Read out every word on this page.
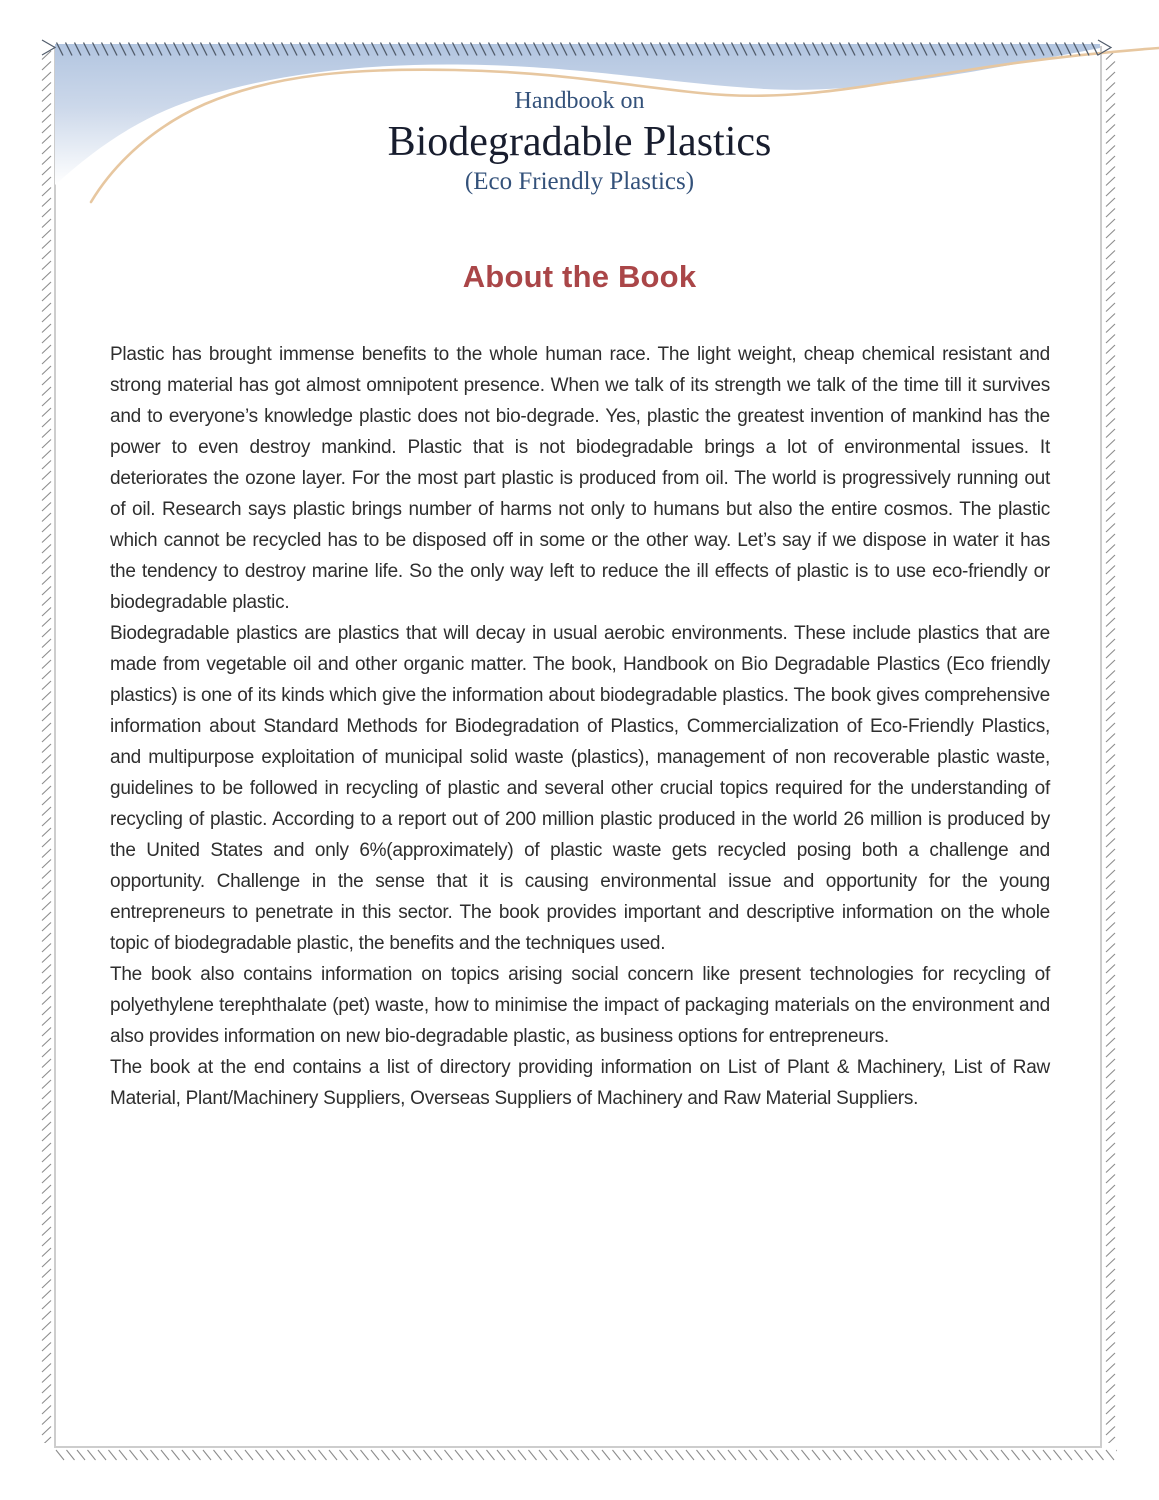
Handbook on
Biodegradable Plastics
(Eco Friendly Plastics)
About the Book

Plastic has brought immense benefits to the whole human race. The light weight, cheap chemical resistant and strong material has got almost omnipotent presence. When we talk of its strength we talk of the time till it survives and to everyone’s knowledge plastic does not bio-degrade. Yes, plastic the greatest invention of mankind has the power to even destroy mankind. Plastic that is not biodegradable brings a lot of environmental issues. It deteriorates the ozone layer. For the most part plastic is produced from oil. The world is progressively running out of oil. Research says plastic brings number of harms not only to humans but also the entire cosmos. The plastic which cannot be recycled has to be disposed off in some or the other way. Let’s say if we dispose in water it has the tendency to destroy marine life. So the only way left to reduce the ill effects of plastic is to use eco-friendly or biodegradable plastic.

Biodegradable plastics are plastics that will decay in usual aerobic environments. These include plastics that are made from vegetable oil and other organic matter. The book, Handbook on Bio Degradable Plastics (Eco friendly plastics) is one of its kinds which give the information about biodegradable plastics. The book gives comprehensive information about Standard Methods for Biodegradation of Plastics, Commercialization of Eco-Friendly Plastics, and multipurpose exploitation of municipal solid waste (plastics), management of non recoverable plastic waste, guidelines to be followed in recycling of plastic and several other crucial topics required for the understanding of recycling of plastic. According to a report out of 200 million plastic produced in the world 26 million is produced by the United States and only 6%(approximately) of plastic waste gets recycled posing both a challenge and opportunity. Challenge in the sense that it is causing environmental issue and opportunity for the young entrepreneurs to penetrate in this sector. The book provides important and descriptive information on the whole topic of biodegradable plastic, the benefits and the techniques used.

The book also contains information on topics arising social concern like present technologies for recycling of polyethylene terephthalate (pet) waste, how to minimise the impact of packaging materials on the environment and also provides information on new bio-degradable plastic, as business options for entrepreneurs.

The book at the end contains a list of directory providing information on List of Plant & Machinery, List of Raw Material, Plant/Machinery Suppliers, Overseas Suppliers of Machinery and Raw Material Suppliers.
